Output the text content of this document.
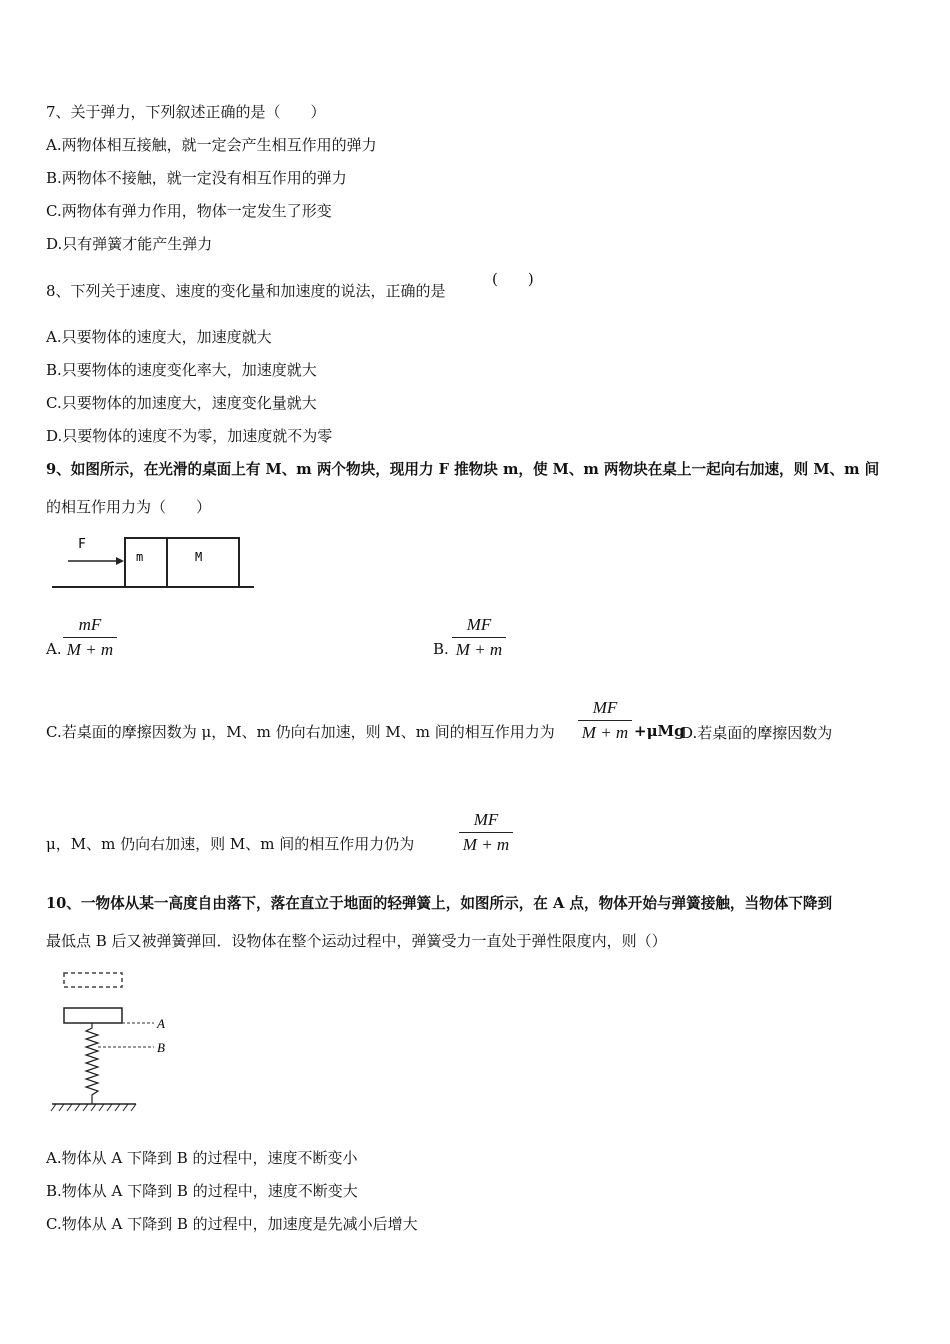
7、关于弹力，下列叙述正确的是（　　）
A.两物体相互接触，就一定会产生相互作用的弹力
B.两物体不接触，就一定没有相互作用的弹力
C.两物体有弹力作用，物体一定发生了形变
D.只有弹簧才能产生弹力
8、下列关于速度、速度的变化量和加速度的说法，正确的是
(　　)
A.只要物体的速度大，加速度就大
B.只要物体的速度变化率大，加速度就大
C.只要物体的加速度大，速度变化量就大
D.只要物体的速度不为零，加速度就不为零
9、如图所示，在光滑的桌面上有 M、m 两个物块，现用力 F 推物块 m，使 M、m 两物块在桌上一起向右加速，则 M、m 间
的相互作用力为（　　）
F
m	M
A.
mF
M + m	B.
MF
M + m
C.若桌面的摩擦因数为 μ，M、m 仍向右加速，则 M、m 间的相互作用力为
MF
M + m +μMg
D.若桌面的摩擦因数为
μ，M、m 仍向右加速，则 M、m 间的相互作用力仍为
MF
M + m
10、一物体从某一高度自由落下，落在直立于地面的轻弹簧上，如图所示，在 A 点，物体开始与弹簧接触，当物体下降到
最低点 B 后又被弹簧弹回．设物体在整个运动过程中，弹簧受力一直处于弹性限度内，则（）
A
B
A.物体从 A 下降到 B 的过程中，速度不断变小
B.物体从 A 下降到 B 的过程中，速度不断变大
C.物体从 A 下降到 B 的过程中，加速度是先减小后增大
